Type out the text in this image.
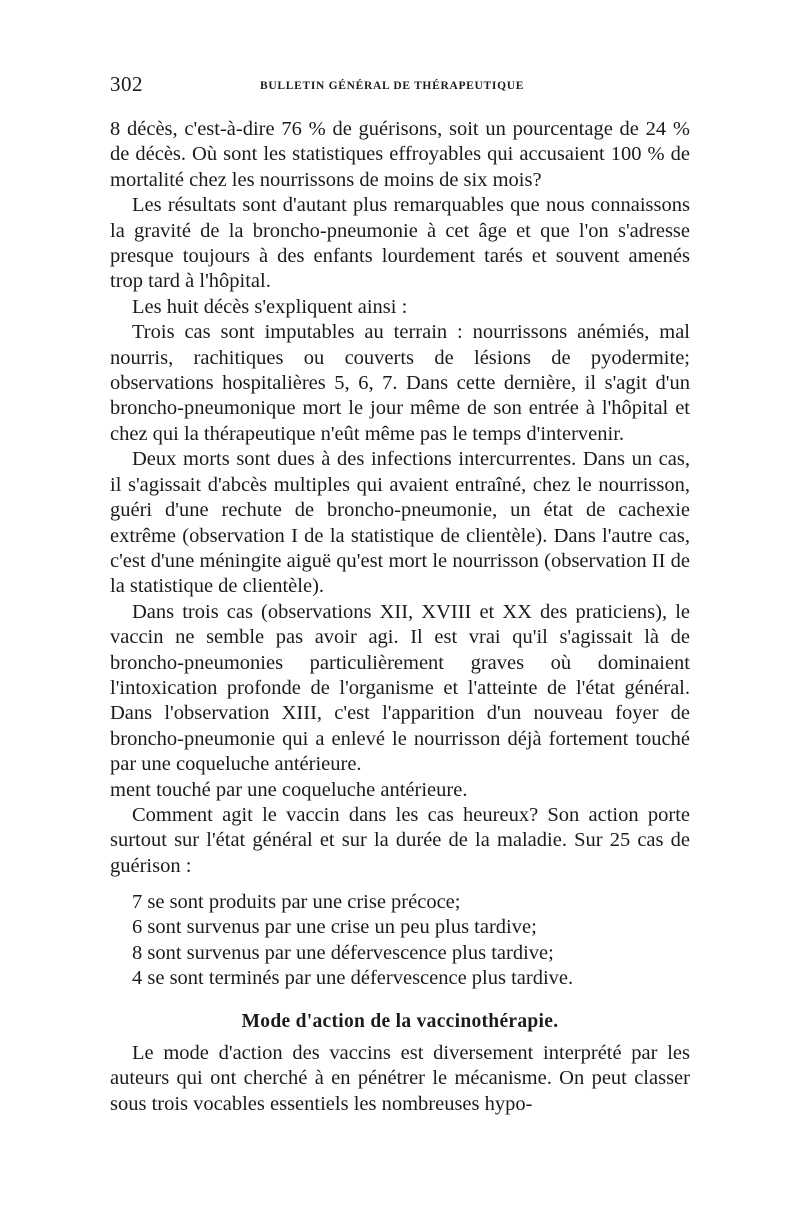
302	BULLETIN GÉNÉRAL DE THÉRAPEUTIQUE

8 décès, c'est-à-dire 76 % de guérisons, soit un pourcentage de 24 % de décès. Où sont les statistiques effroyables qui accusaient 100 % de mortalité chez les nourrissons de moins de six mois?

Les résultats sont d'autant plus remarquables que nous connaissons la gravité de la broncho-pneumonie à cet âge et que l'on s'adresse presque toujours à des enfants lourdement tarés et souvent amenés trop tard à l'hôpital.

Les huit décès s'expliquent ainsi :

Trois cas sont imputables au terrain : nourrissons anémiés, mal nourris, rachitiques ou couverts de lésions de pyodermite; observations hospitalières 5, 6, 7. Dans cette dernière, il s'agit d'un broncho-pneumonique mort le jour même de son entrée à l'hôpital et chez qui la thérapeutique n'eût même pas le temps d'intervenir.

Deux morts sont dues à des infections intercurrentes. Dans un cas, il s'agissait d'abcès multiples qui avaient entraîné, chez le nourrisson, guéri d'une rechute de broncho-pneumonie, un état de cachexie extrême (observation I de la statistique de clientèle). Dans l'autre cas, c'est d'une méningite aiguë qu'est mort le nourrisson (observation II de la statistique de clientèle).

Dans trois cas (observations XII, XVIII et XX des praticiens), le vaccin ne semble pas avoir agi. Il est vrai qu'il s'agissait là de broncho-pneumonies particulièrement graves où dominaient l'intoxication profonde de l'organisme et l'atteinte de l'état général. Dans l'observation XIII, c'est l'apparition d'un nouveau foyer de broncho-pneumonie qui a enlevé le nourrisson déjà fortement touché par une coqueluche antérieure.

ment touché par une coqueluche antérieure.

Comment agit le vaccin dans les cas heureux? Son action porte surtout sur l'état général et sur la durée de la maladie. Sur 25 cas de guérison :

7 se sont produits par une crise précoce;
6 sont survenus par une crise un peu plus tardive;
8 sont survenus par une défervescence plus tardive;
4 se sont terminés par une défervescence plus tardive.
Mode d'action de la vaccinothérapie.

Le mode d'action des vaccins est diversement interprété par les auteurs qui ont cherché à en pénétrer le mécanisme. On peut classer sous trois vocables essentiels les nombreuses hypo-
